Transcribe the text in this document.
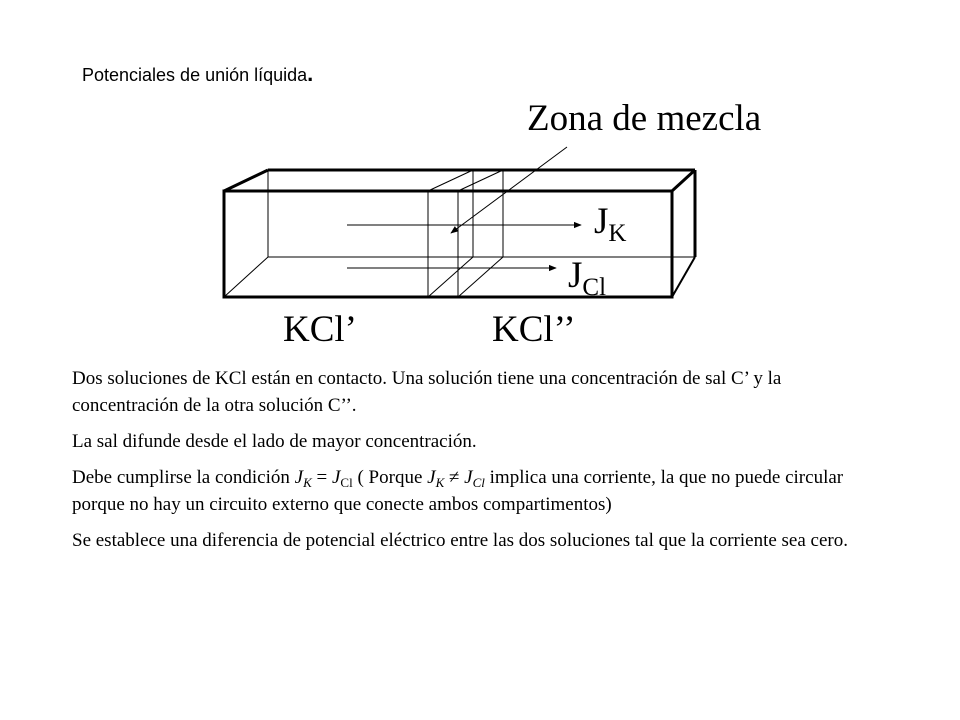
Potenciales de unión líquida.
Zona de mezcla
$J_K$
$J_{Cl}$
KCl’	KCl’’

Dos soluciones de KCl están en contacto. Una solución tiene una concentración de sal C’ y la concentración de la otra solución C’’.

La sal difunde desde el lado de mayor concentración.

Debe cumplirse la condición $J_K = J_{Cl}$ ( Porque $J_K \ne J_{Cl}$ implica una corriente, la que no puede circular porque no hay un circuito externo que conecte ambos compartimentos)

Se establece una diferencia de potencial eléctrico entre las dos soluciones tal que la corriente sea cero.
